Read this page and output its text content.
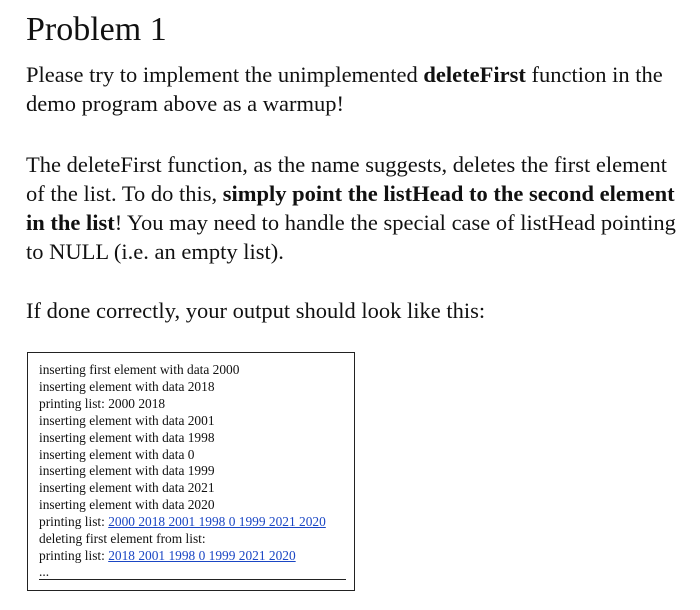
Problem 1
Please try to implement the unimplemented deleteFirst function in the demo program above as a warmup!
The deleteFirst function, as the name suggests, deletes the first element of the list. To do this, simply point the listHead to the second element in the list! You may need to handle the special case of listHead pointing to NULL (i.e. an empty list).
If done correctly, your output should look like this:
inserting first element with data 2000
inserting element with data 2018
printing list: 2000 2018
inserting element with data 2001
inserting element with data 1998
inserting element with data 0
inserting element with data 1999
inserting element with data 2021
inserting element with data 2020
printing list: 2000 2018 2001 1998 0 1999 2021 2020
deleting first element from list:
printing list: 2018 2001 1998 0 1999 2021 2020
...
